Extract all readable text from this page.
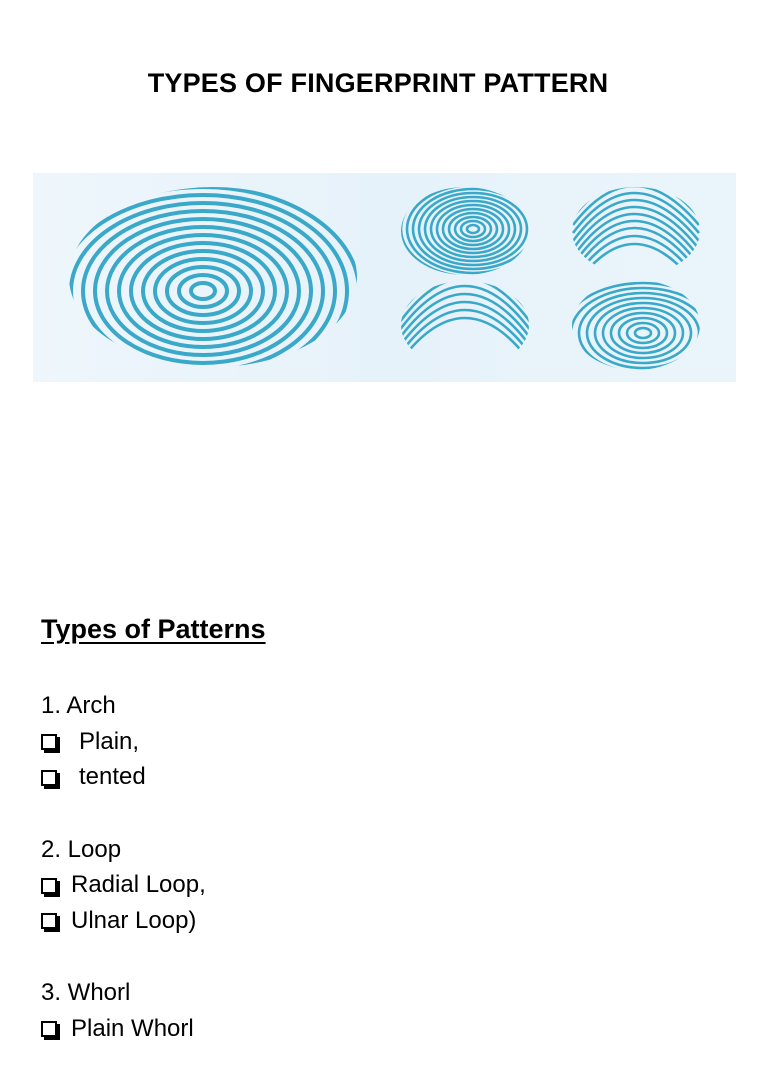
TYPES OF FINGERPRINT PATTERN
Types of Patterns
1. Arch
Plain,
tented
2. Loop
Radial Loop,
Ulnar Loop)
3. Whorl
Plain Whorl
